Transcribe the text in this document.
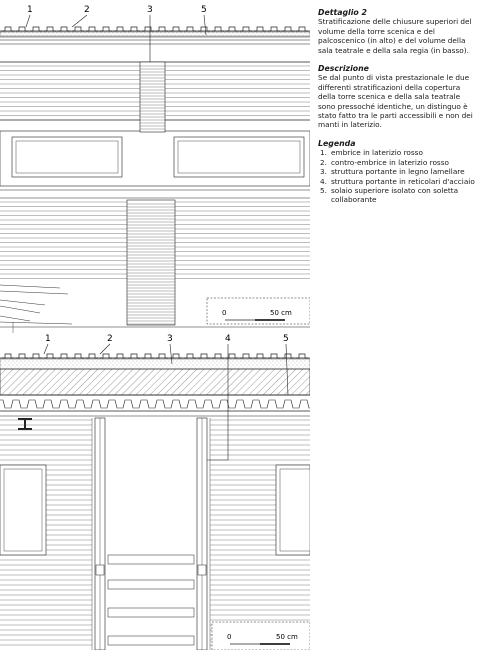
1	2	3	5
0	50 cm
1	2	3	4	5
0	50 cm
Dettaglio 2

Stratificazione delle chiusure superiori del volume della torre scenica e del palcoscenico (in alto) e del volume della sala teatrale e della sala regia (in basso).

Descrizione

Se dal punto di vista prestazionale le due differenti stratificazioni della copertura della torre scenica e della sala teatrale sono pressoché identiche, un distinguo è stato fatto tra le parti accessibili e non dei manti in laterizio.

Legenda
1. embrice in laterizio rosso
2. contro-embrice in laterizio rosso
3. struttura portante in legno lamellare
4. struttura portante in reticolari d'acciaio
5. solaio superiore isolato con soletta collaborante
